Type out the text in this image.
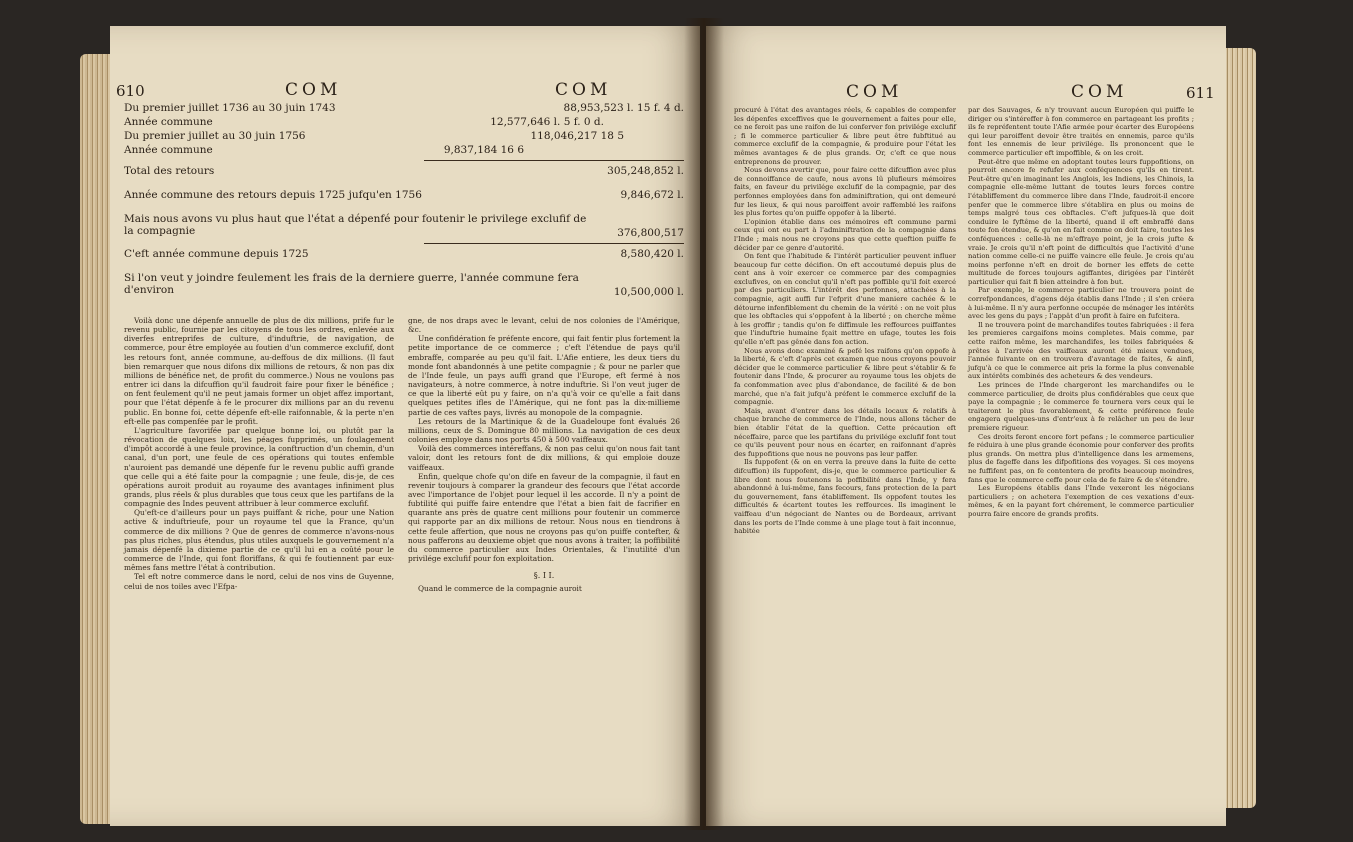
610	COM	COM
Du premier juillet 1736 au 30 juin 1743	88,953,523 l. 15 f. 4 d.
Année commune	12,577,646 l. 5 f. 0 d.
Du premier juillet au 30 juin 1756	118,046,217 18 5
Année commune	9,837,184 16 6
Total des retours	305,248,852 l.
Année commune des retours depuis 1725 jufqu'en 1756	9,846,672 l.
Mais nous avons vu plus haut que l'état a dépenfé pour foutenir le privilege exclufif de la compagnie	376,800,517
C'eft année commune depuis 1725	8,580,420 l.
Si l'on veut y joindre feulement les frais de la derniere guerre, l'année commune fera d'environ	10,500,000 l.

Voilà donc une dépenfe annuelle de plus de dix millions, prife fur le revenu public, fournie par les citoyens de tous les ordres, enlevée aux diverfes entreprifes de culture, d'induftrie, de navigation, de commerce, pour être employée au foutien d'un commerce exclufif, dont les retours font, année commune, au-deffous de dix millions. (Il faut bien remarquer que nous difons dix millions de retours, & non pas dix millions de bénéfice net, de profit du commerce.) Nous ne voulons pas entrer ici dans la difcuffion qu'il faudroit faire pour fixer le bénéfice ; on fent feulement qu'il ne peut jamais former un objet affez important, pour que l'état dépenfe à fe le procurer dix millions par an du revenu public. En bonne foi, cette dépenfe eft-elle raifonnable, & la perte n'en eft-elle pas compenfée par le profit.

L'agriculture favorifée par quelque bonne loi, ou plutôt par la révocation de quelques loix, les péages fupprimés, un foulagement d'impôt accordé à une feule province, la conftruction d'un chemin, d'un canal, d'un port, une feule de ces opérations qui toutes enfemble n'auroient pas demandé une dépenfe fur le revenu public auffi grande que celle qui a été faite pour la compagnie ; une feule, dis-je, de ces opérations auroit produit au royaume des avantages infiniment plus grands, plus réels & plus durables que tous ceux que les partifans de la compagnie des Indes peuvent attribuer à leur commerce exclufif.

Qu'eft-ce d'ailleurs pour un pays puiffant & riche, pour une Nation active & induftrieufe, pour un royaume tel que la France, qu'un commerce de dix millions ? Que de genres de commerce n'avons-nous pas plus riches, plus étendus, plus utiles auxquels le gouvernement n'a jamais dépenfé la dixieme partie de ce qu'il lui en a coûté pour le commerce de l'Inde, qui font floriffans, & qui fe foutiennent par eux-mêmes fans mettre l'état à contribution.

Tel eft notre commerce dans le nord, celui de nos vins de Guyenne, celui de nos toiles avec l'Efpa-

gne, de nos draps avec le levant, celui de nos colonies de l'Amérique, &c.

Une confidération fe préfente encore, qui fait fentir plus fortement la petite importance de ce commerce ; c'eft l'étendue de pays qu'il embraffe, comparée au peu qu'il fait. L'Afie entiere, les deux tiers du monde font abandonnés à une petite compagnie ; & pour ne parler que de l'Inde feule, un pays auffi grand que l'Europe, eft fermé à nos navigateurs, à notre commerce, à notre induftrie. Si l'on veut juger de ce que la liberté eût pu y faire, on n'a qu'à voir ce qu'elle a fait dans quelques petites ifles de l'Amérique, qui ne font pas la dix-millieme partie de ces vaftes pays, livrés au monopole de la compagnie.

Les retours de la Martinique & de la Guadeloupe font évalués 26 millions, ceux de S. Domingue 80 millions. La navigation de ces deux colonies employe dans nos ports 450 à 500 vaiffeaux.

Voilà des commerces intéreffans, & non pas celui qu'on nous fait tant valoir, dont les retours font de dix millions, & qui emploie douze vaiffeaux.

Enfin, quelque chofe qu'on dife en faveur de la compagnie, il faut en revenir toujours à comparer la grandeur des fecours que l'état accorde avec l'importance de l'objet pour lequel il les accorde. Il n'y a point de fubtilité qui puiffe faire entendre que l'état a bien fait de facrifier en quarante ans près de quatre cent millions pour foutenir un commerce qui rapporte par an dix millions de retour. Nous nous en tiendrons à cette feule affertion, que nous ne croyons pas qu'on puiffe contefter, & nous pafferons au deuxieme objet que nous avons à traiter, la poffibilité du commerce particulier aux Indes Orientales, & l'inutilité d'un privilége exclufif pour fon exploitation.

§. I I.
Quand le commerce de la compagnie auroit
COM	COM	611

procuré à l'état des avantages réels, & capables de compenfer les dépenfes exceffives que le gouvernement a faites pour elle, ce ne feroit pas une raifon de lui conferver fon privilége exclufif ; fi le commerce particulier & libre peut être fubftitué au commerce exclufif de la compagnie, & produire pour l'état les mêmes avantages & de plus grands. Or, c'eft ce que nous entreprenons de prouver.

Nous devons avertir que, pour faire cette difcuffion avec plus de connoiffance de caufe, nous avons lû plufieurs mémoires faits, en faveur du privilége exclufif de la compagnie, par des perfonnes employées dans fon adminiftration, qui ont demeuré fur les lieux, & qui nous paroiffent avoir raffemblé les raifons les plus fortes qu'on puiffe oppofer à la liberté.

L'opinion établie dans ces mémoires eft commune parmi ceux qui ont eu part à l'adminiftration de la compagnie dans l'Inde ; mais nous ne croyons pas que cette queftion puiffe fe décider par ce genre d'autorité.

On fent que l'habitude & l'intérêt particulier peuvent influer beaucoup fur cette décifion. On eft accoutumé depuis plus de cent ans à voir exercer ce commerce par des compagnies exclufives, on en conclut qu'il n'eft pas poffible qu'il foit exercé par des particuliers. L'intérêt des perfonnes, attachées à la compagnie, agit auffi fur l'efprit d'une maniere cachée & le détourne infenfiblement du chemin de la vérité : on ne voit plus que les obftacles qui s'oppofent à la liberté ; on cherche même à les groffir ; tandis qu'on fe diffimule les reffources puiffantes que l'induftrie humaine fçait mettre en ufage, toutes les fois qu'elle n'eft pas gênée dans fon action.

Nous avons donc examiné & pefé les raifons qu'on oppofe à la liberté, & c'eft d'après cet examen que nous croyons pouvoir décider que le commerce particulier & libre peut s'établir & fe foutenir dans l'Inde, & procurer au royaume tous les objets de fa confommation avec plus d'abondance, de facilité & de bon marché, que n'a fait jufqu'à préfent le commerce exclufif de la compagnie.

Mais, avant d'entrer dans les détails locaux & relatifs à chaque branche de commerce de l'Inde, nous allons tâcher de bien établir l'état de la queftion. Cette précaution eft néceffaire, parce que les partifans du privilége exclufif font tout ce qu'ils peuvent pour nous en écarter, en raifonnant d'après des fuppofitions que nous ne pouvons pas leur paffer.

Ils fuppofent (& on en verra la preuve dans la fuite de cette difcuffion) ils fuppofent, dis-je, que le commerce particulier & libre dont nous foutenons la poffibilité dans l'Inde, y fera abandonné à lui-même, fans fecours, fans protection de la part du gouvernement, fans établiffement. Ils oppofent toutes les difficultés & écartent toutes les reffources. Ils imaginent le vaiffeau d'un négociant de Nantes ou de Bordeaux, arrivant dans les ports de l'Inde comme à une plage tout à fait inconnue, habitée

par des Sauvages, & n'y trouvant aucun Européen qui puiffe le diriger ou s'intéreffer à fon commerce en partageant les profits ; ils fe repréfentent toute l'Afie armée pour écarter des Européens qui leur paroiffent devoir être traités en ennemis, parce qu'ils font les ennemis de leur privilége. Ils prononcent que le commerce particulier eft impoffible, & on les croit.

Peut-être que même en adoptant toutes leurs fuppofitions, on pourroit encore fe refufer aux conféquences qu'ils en tirent. Peut-être qu'en imaginant les Anglois, les Indiens, les Chinois, la compagnie elle-même luttant de toutes leurs forces contre l'établiffement du commerce libre dans l'Inde, faudroit-il encore penfer que le commerce libre s'établira en plus ou moins de temps malgré tous ces obftacles. C'eft jufques-là que doit conduire le fyftême de la liberté, quand il eft embraffé dans toute fon étendue, & qu'on en fait comme on doit faire, toutes les conféquences : celle-là ne m'effraye point, je la crois jufte & vraie. Je crois qu'il n'eft point de difficultés que l'activité d'une nation comme celle-ci ne puiffe vaincre elle feule. Je crois qu'au moins perfonne n'eft en droit de borner les effets de cette multitude de forces toujours agiffantes, dirigées par l'intérêt particulier qui fait fi bien atteindre à fon but.

Par exemple, le commerce particulier ne trouvera point de correfpondances, d'agens déja établis dans l'Inde ; il s'en créera à lui-même. Il n'y aura perfonne occupée de ménager les intérêts avec les gens du pays ; l'appât d'un profit à faire en fufcitera.

Il ne trouvera point de marchandifes toutes fabriquées : il fera les premieres cargaifons moins completes. Mais comme, par cette raifon même, les marchandifes, les toiles fabriquées & prêtes à l'arrivée des vaiffeaux auront été mieux vendues, l'année fuivante on en trouvera d'avantage de faites, & ainfi, jufqu'à ce que le commerce ait pris la forme la plus convenable aux intérêts combinés des acheteurs & des vendeurs.

Les princes de l'Inde chargeront les marchandifes ou le commerce particulier, de droits plus confidérables que ceux que paye la compagnie ; le commerce fe tournera vers ceux qui le traiteront le plus favorablement, & cette préférence feule engagera quelques-uns d'entr'eux à fe relâcher un peu de leur premiere rigueur.

Ces droits feront encore fort pefans ; le commerce particulier fe réduira à une plus grande économie pour conferver des profits plus grands. On mettra plus d'intelligence dans les armemens, plus de fageffe dans les difpofitions des voyages. Si ces moyens ne fuffifent pas, on fe contentera de profits beaucoup moindres, fans que le commerce ceffe pour cela de fe faire & de s'étendre.

Les Européens établis dans l'Inde vexeront les négocians particuliers ; on achetera l'exemption de ces vexations d'eux-mêmes, & en la payant fort chérement, le commerce particulier pourra faire encore de grands profits.
